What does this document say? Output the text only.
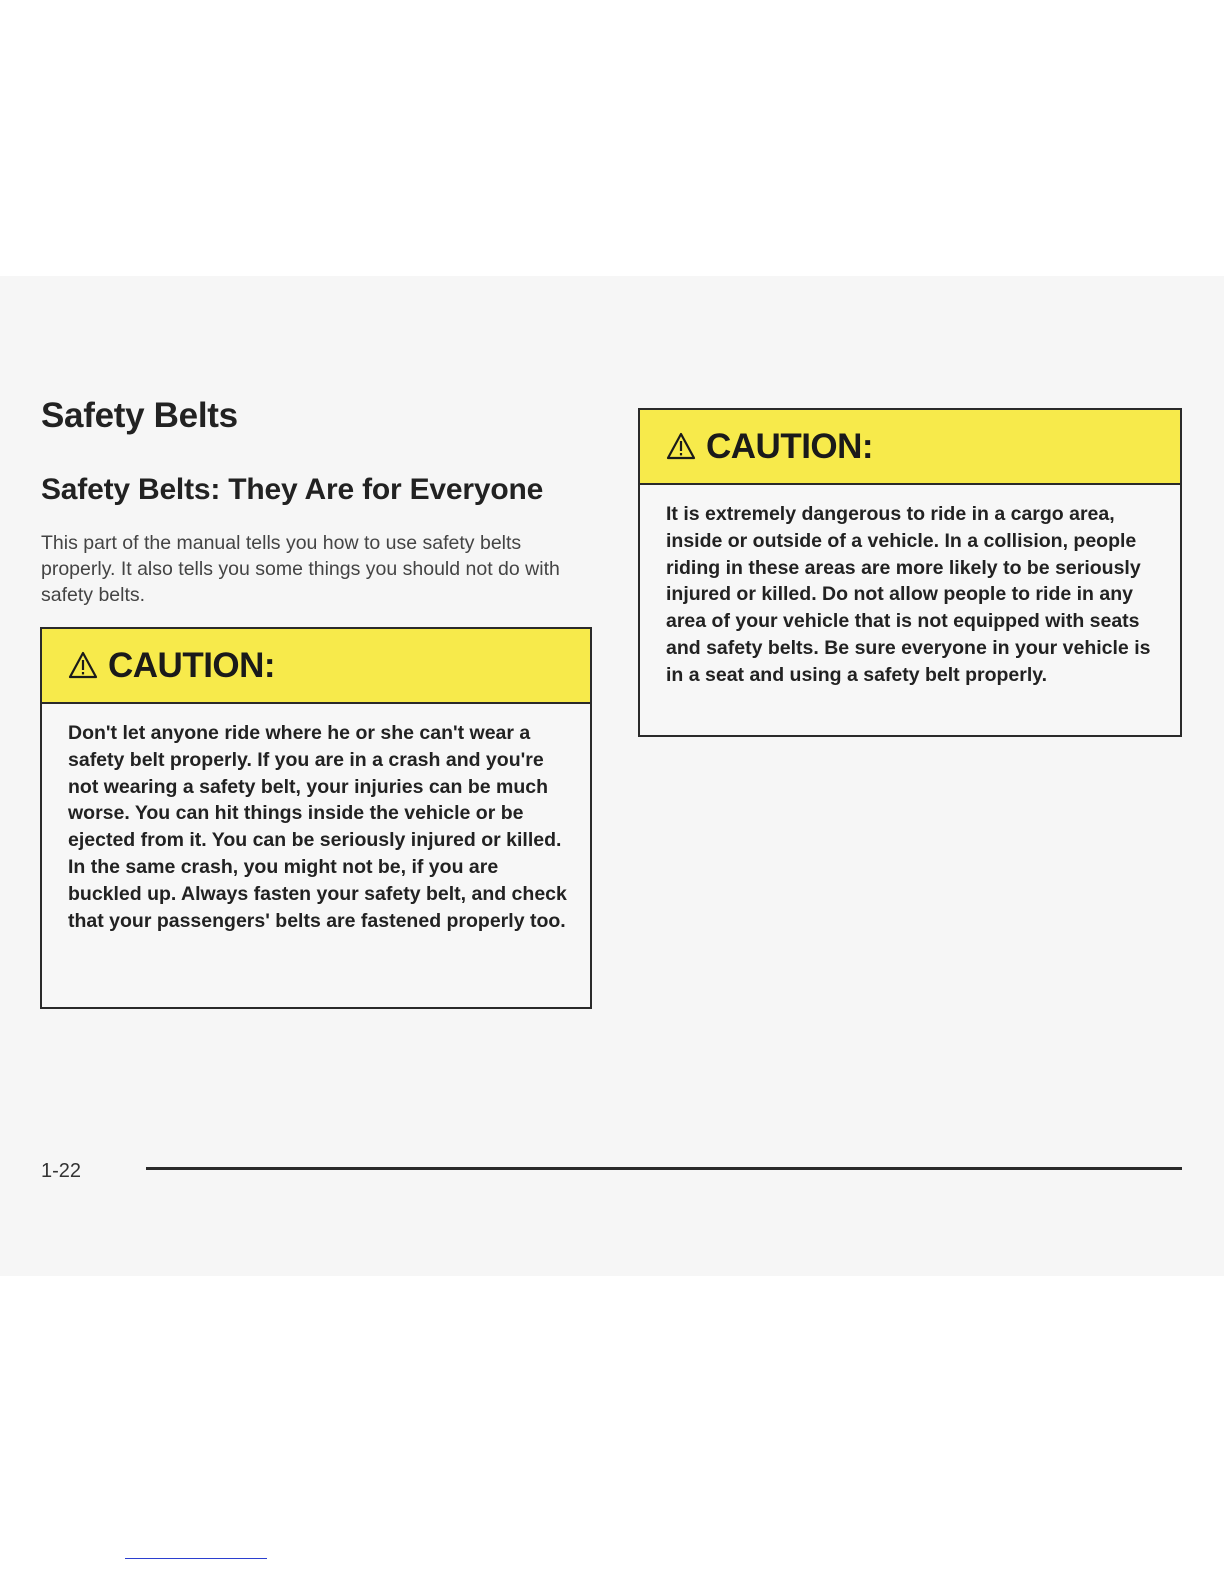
Safety Belts
Safety Belts: They Are for Everyone

This part of the manual tells you how to use safety belts properly. It also tells you some things you should not do with safety belts.

CAUTION:

Don't let anyone ride where he or she can't wear a safety belt properly. If you are in a crash and you're not wearing a safety belt, your injuries can be much worse. You can hit things inside the vehicle or be ejected from it. You can be seriously injured or killed. In the same crash, you might not be, if you are buckled up. Always fasten your safety belt, and check that your passengers' belts are fastened properly too.

CAUTION:

It is extremely dangerous to ride in a cargo area, inside or outside of a vehicle. In a collision, people riding in these areas are more likely to be seriously injured or killed. Do not allow people to ride in any area of your vehicle that is not equipped with seats and safety belts. Be sure everyone in your vehicle is in a seat and using a safety belt properly.

1-22
